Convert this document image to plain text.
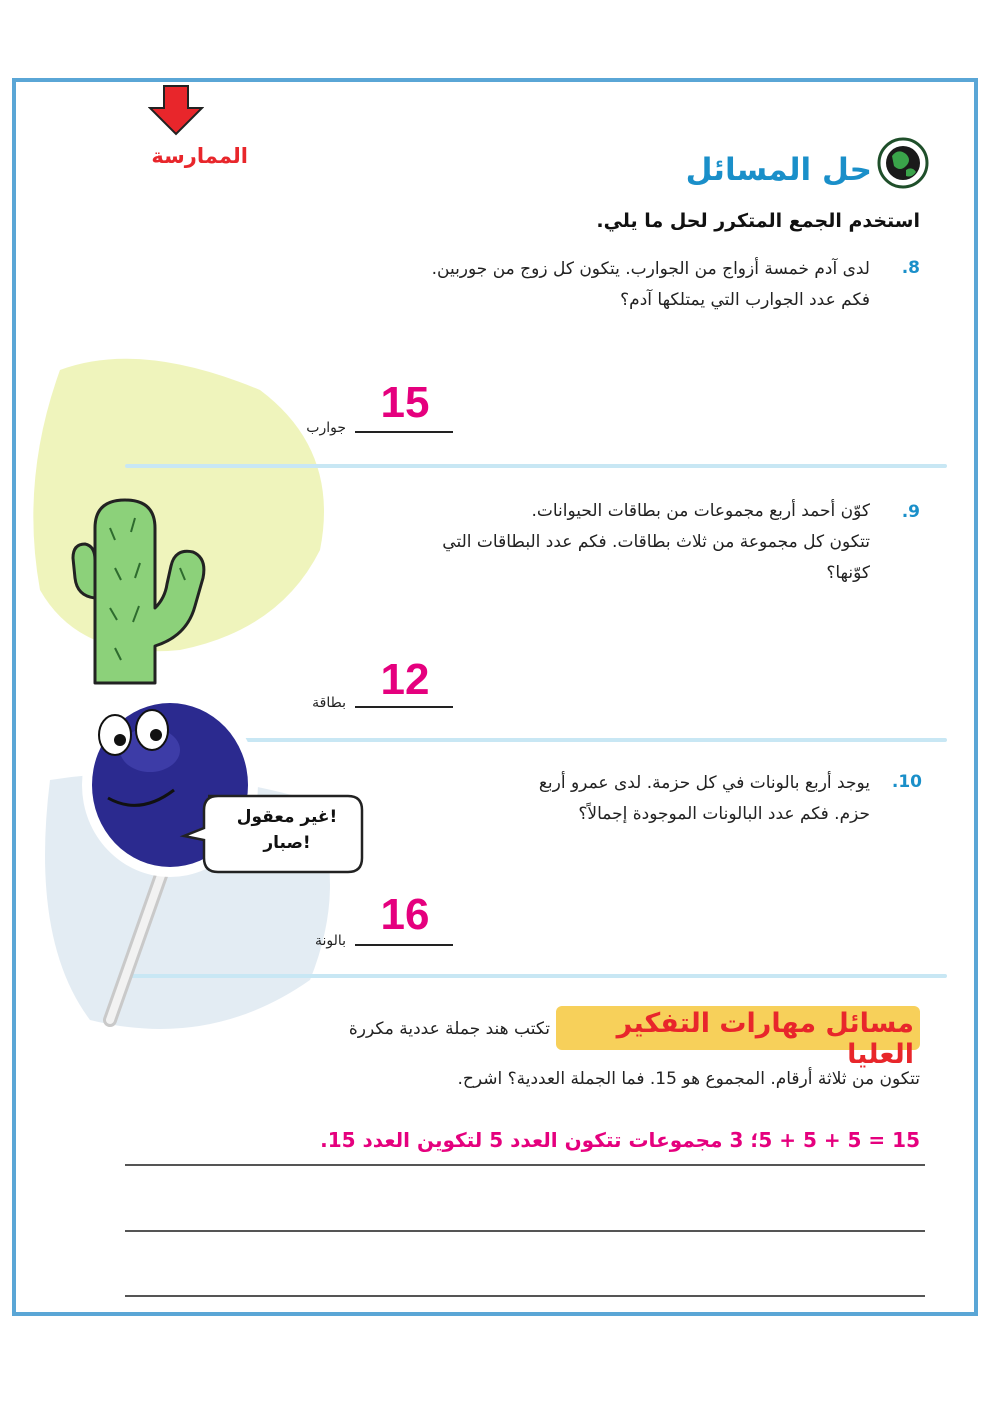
الممارسة	حل المسائل
استخدم الجمع المتكرر لحل ما يلي.
8.
لدى آدم خمسة أزواج من الجوارب. يتكون كل زوج من جوربين.
فكم عدد الجوارب التي يمتلكها آدم؟
15
جوارب
9.
كوّن أحمد أربع مجموعات من بطاقات الحيوانات.
تتكون كل مجموعة من ثلاث بطاقات. فكم عدد البطاقات التي
كوّنها؟
12
بطاقة
10.
يوجد أربع بالونات في كل حزمة. لدى عمرو أربع
حزم. فكم عدد البالونات الموجودة إجمالاً؟
16
بالونة
غير معقول!
صبار!
مسائل مهارات التفكير العليا
تكتب هند جملة عددية مكررة
تتكون من ثلاثة أرقام. المجموع هو 15. فما الجملة العددية؟ اشرح.
15 = 5 + 5 + 5؛ 3 مجموعات تتكون العدد 5 لتكوين العدد 15.
